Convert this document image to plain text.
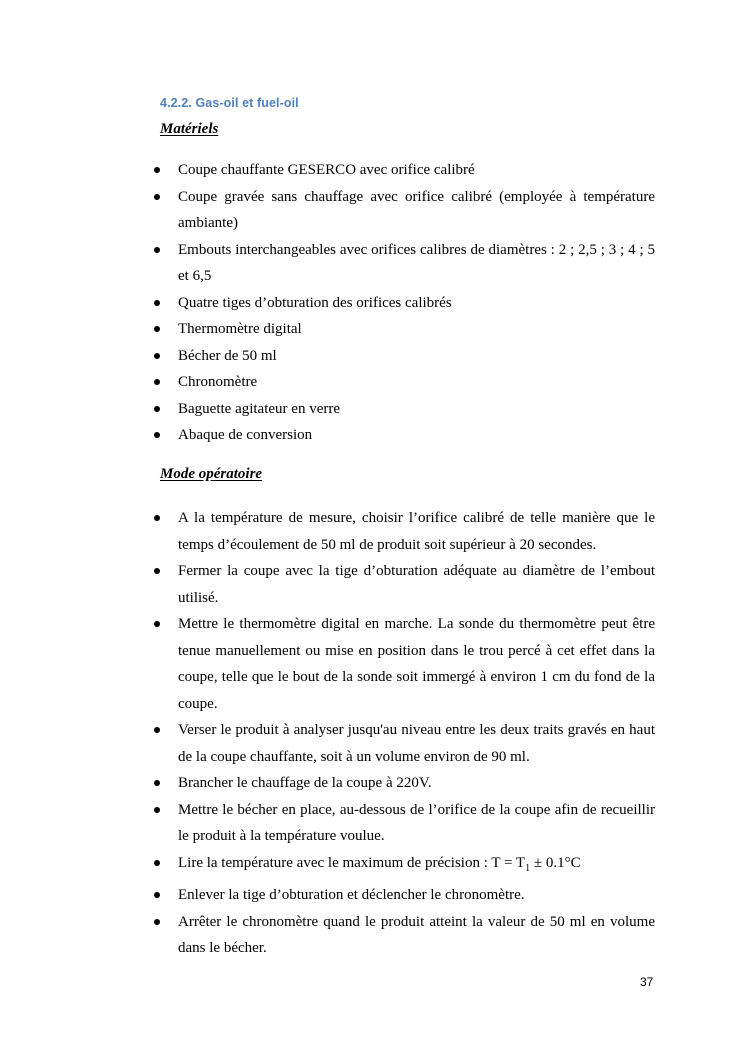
4.2.2. Gas-oil et fuel-oil
Matériels
Coupe chauffante GESERCO avec orifice calibré
Coupe gravée sans chauffage avec orifice calibré (employée à température ambiante)
Embouts interchangeables avec orifices calibres de diamètres : 2 ; 2,5 ; 3 ; 4 ; 5 et 6,5
Quatre tiges d’obturation des orifices calibrés
Thermomètre digital
Bécher de 50 ml
Chronomètre
Baguette agitateur en verre
Abaque de conversion
Mode opératoire
A la température de mesure, choisir l’orifice calibré de telle manière que le temps d’écoulement de 50 ml de produit soit supérieur à 20 secondes.
Fermer la coupe avec la tige d’obturation adéquate au diamètre de l’embout utilisé.
Mettre le thermomètre digital en marche. La sonde du thermomètre peut être tenue manuellement ou mise en position dans le trou percé à cet effet dans la coupe, telle que le bout de la sonde soit immergé à environ 1 cm du fond de la coupe.
Verser le produit à analyser jusqu'au niveau entre les deux traits gravés en haut de la coupe chauffante, soit à un volume environ de 90 ml.
Brancher le chauffage de la coupe à 220V.
Mettre le bécher en place, au-dessous de l’orifice de la coupe afin de recueillir le produit à la température voulue.
Lire la température avec le maximum de précision : $T = T_1 \pm 0.1^\circ C$
Enlever la tige d’obturation et déclencher le chronomètre.
Arrêter le chronomètre quand le produit atteint la valeur de 50 ml en volume dans le bécher.
37
